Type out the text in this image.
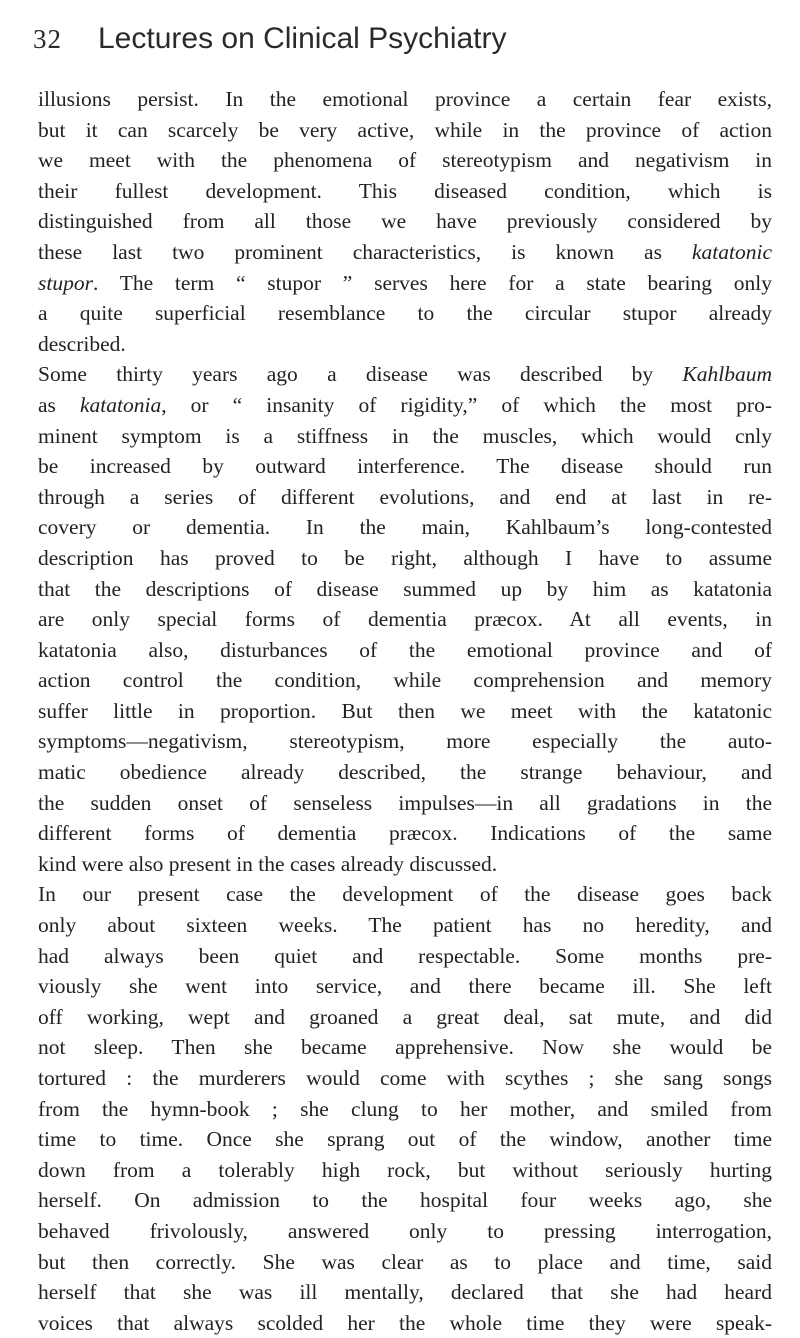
32 Lectures on Clinical Psychiatry
illusions persist. In the emotional province a certain fear exists,
but it can scarcely be very active, while in the province of action
we meet with the phenomena of stereotypism and negativism in
their fullest development. This diseased condition, which is
distinguished from all those we have previously considered by
these last two prominent characteristics, is known as katatonic
stupor. The term “ stupor ” serves here for a state bearing only
a quite superficial resemblance to the circular stupor already
described.
Some thirty years ago a disease was described by Kahlbaum
as katatonia, or “ insanity of rigidity,” of which the most pro-
minent symptom is a stiffness in the muscles, which would cnly
be increased by outward interference. The disease should run
through a series of different evolutions, and end at last in re-
covery or dementia. In the main, Kahlbaum’s long-contested
description has proved to be right, although I have to assume
that the descriptions of disease summed up by him as katatonia
are only special forms of dementia præcox. At all events, in
katatonia also, disturbances of the emotional province and of
action control the condition, while comprehension and memory
suffer little in proportion. But then we meet with the katatonic
symptoms—negativism, stereotypism, more especially the auto-
matic obedience already described, the strange behaviour, and
the sudden onset of senseless impulses—in all gradations in the
different forms of dementia præcox. Indications of the same
kind were also present in the cases already discussed.
In our present case the development of the disease goes back
only about sixteen weeks. The patient has no heredity, and
had always been quiet and respectable. Some months pre-
viously she went into service, and there became ill. She left
off working, wept and groaned a great deal, sat mute, and did
not sleep. Then she became apprehensive. Now she would be
tortured : the murderers would come with scythes ; she sang songs
from the hymn-book ; she clung to her mother, and smiled from
time to time. Once she sprang out of the window, another time
down from a tolerably high rock, but without seriously hurting
herself. On admission to the hospital four weeks ago, she
behaved frivolously, answered only to pressing interrogation,
but then correctly. She was clear as to place and time, said
herself that she was ill mentally, declared that she had heard
voices that always scolded her the whole time they were speak-
